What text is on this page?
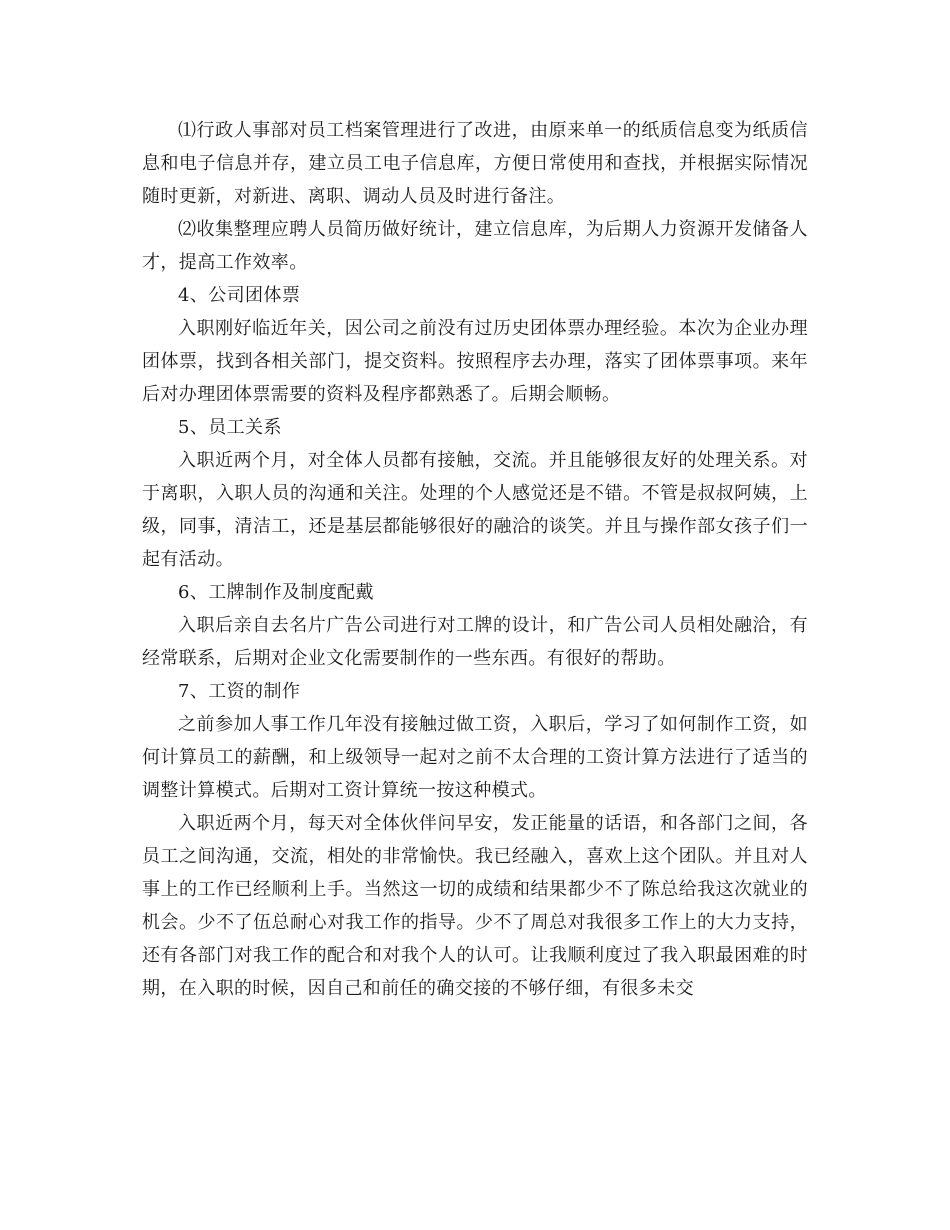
⑴行政人事部对员工档案管理进行了改进，由原来单一的纸质信息变为纸质信息和电子信息并存，建立员工电子信息库，方便日常使用和查找，并根据实际情况随时更新，对新进、离职、调动人员及时进行备注。

⑵收集整理应聘人员简历做好统计，建立信息库，为后期人力资源开发储备人才，提高工作效率。

4、公司团体票

入职刚好临近年关，因公司之前没有过历史团体票办理经验。本次为企业办理团体票，找到各相关部门，提交资料。按照程序去办理，落实了团体票事项。来年后对办理团体票需要的资料及程序都熟悉了。后期会顺畅。

5、员工关系

入职近两个月，对全体人员都有接触，交流。并且能够很友好的处理关系。对于离职，入职人员的沟通和关注。处理的个人感觉还是不错。不管是叔叔阿姨，上级，同事，清洁工，还是基层都能够很好的融洽的谈笑。并且与操作部女孩子们一起有活动。

6、工牌制作及制度配戴

入职后亲自去名片广告公司进行对工牌的设计，和广告公司人员相处融洽，有经常联系，后期对企业文化需要制作的一些东西。有很好的帮助。

7、工资的制作

之前参加人事工作几年没有接触过做工资，入职后，学习了如何制作工资，如何计算员工的薪酬，和上级领导一起对之前不太合理的工资计算方法进行了适当的调整计算模式。后期对工资计算统一按这种模式。

入职近两个月，每天对全体伙伴问早安，发正能量的话语，和各部门之间，各员工之间沟通，交流，相处的非常愉快。我已经融入，喜欢上这个团队。并且对人事上的工作已经顺利上手。当然这一切的成绩和结果都少不了陈总给我这次就业的机会。少不了伍总耐心对我工作的指导。少不了周总对我很多工作上的大力支持，还有各部门对我工作的配合和对我个人的认可。让我顺利度过了我入职最困难的时期，在入职的时候，因自己和前任的确交接的不够仔细，有很多未交
